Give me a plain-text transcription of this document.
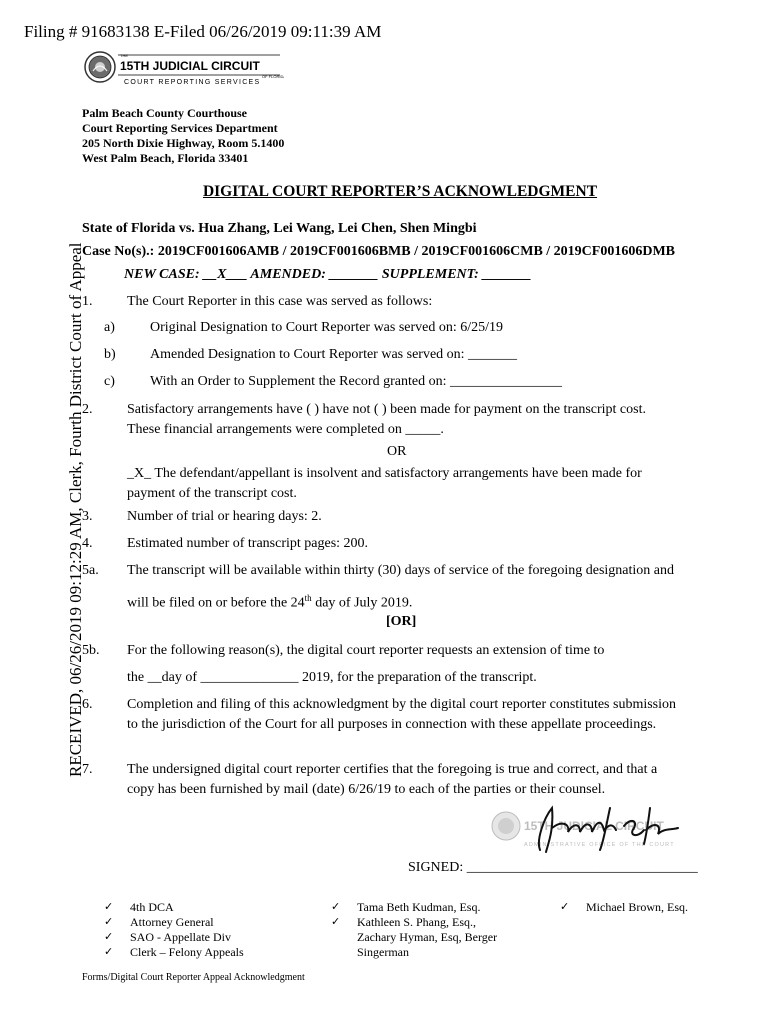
Filing # 91683138 E-Filed 06/26/2019 09:11:39 AM
RECEIVED, 06/26/2019 09:12:29 AM, Clerk, Fourth District Court of Appeal
THE
15TH JUDICIAL CIRCUIT
OF FLORIDA
COURT REPORTING SERVICES
Palm Beach County Courthouse
Court Reporting Services Department
205 North Dixie Highway, Room 5.1400
West Palm Beach, Florida 33401
DIGITAL COURT REPORTER’S ACKNOWLEDGMENT
State of Florida vs. Hua Zhang, Lei Wang, Lei Chen, Shen Mingbi
Case No(s).: 2019CF001606AMB / 2019CF001606BMB / 2019CF001606CMB / 2019CF001606DMB
NEW CASE: __X___ AMENDED: _______ SUPPLEMENT: _______
1. The Court Reporter in this case was served as follows:
a)	Original Designation to Court Reporter was served on: 6/25/19
b) Amended Designation to Court Reporter was served on: _______
c)	With an Order to Supplement the Record granted on: ________________
2. Satisfactory arrangements have ( ) have not ( ) been made for payment on the transcript cost.
These financial arrangements were completed on _____.
OR
_X_ The defendant/appellant is insolvent and satisfactory arrangements have been made for
payment of the transcript cost.
3. Number of trial or hearing days: 2.
4. Estimated number of transcript pages: 200.
5a. The transcript will be available within thirty (30) days of service of the foregoing designation and
will be filed on or before the 24th day of July 2019.
[OR]
5b. For the following reason(s), the digital court reporter requests an extension of time to
the __day of ______________ 2019, for the preparation of the transcript.
6. Completion and filing of this acknowledgment by the digital court reporter constitutes submission
to the jurisdiction of the Court for all purposes in connection with these appellate proceedings.
7. The undersigned digital court reporter certifies that the foregoing is true and correct, and that a
copy has been furnished by mail (date) 6/26/19 to each of the parties or their counsel.
15TH JUDICIAL CIRCUIT
ADMINISTRATIVE OFFICE OF THE COURT
SIGNED: _________________________________
✓ 4th DCA
✓ Attorney General
✓ SAO - Appellate Div
✓ Clerk – Felony Appeals
✓ Tama Beth Kudman, Esq.
✓ Kathleen S. Phang, Esq.,
Zachary Hyman, Esq, Berger
Singerman
✓ Michael Brown, Esq.
Forms/Digital Court Reporter Appeal Acknowledgment
